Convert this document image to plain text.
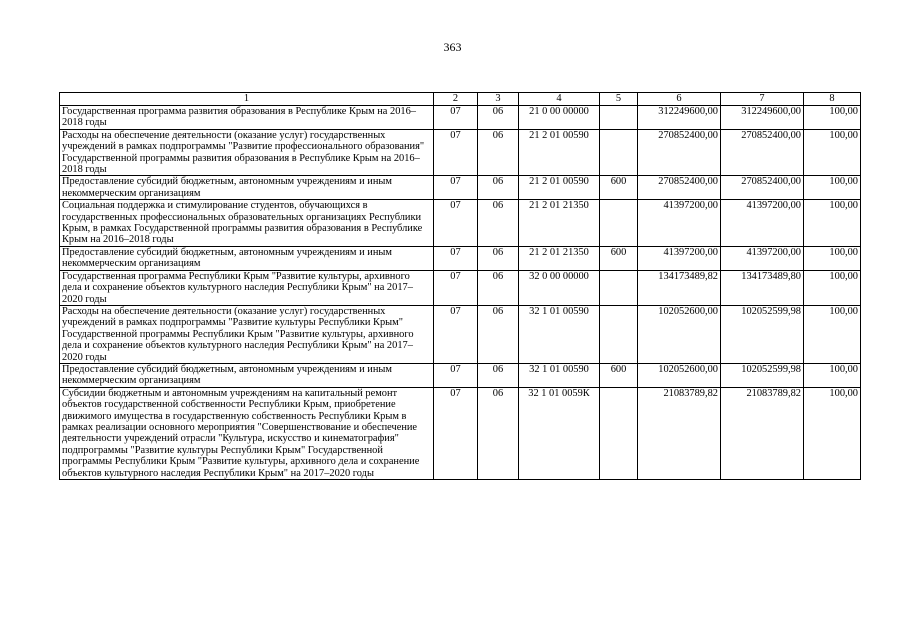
363
1	2	3	4	5	6	7	8
Государственная программа развития образования в Республике Крым на 2016–2018 годы	07	06	21 0 00 00000		312249600,00	312249600,00	100,00
Расходы на обеспечение деятельности (оказание услуг) государственных учреждений в рамках подпрограммы "Развитие профессионального образования" Государственной программы развития образования в Республике Крым на 2016–2018 годы	07	06	21 2 01 00590		270852400,00	270852400,00	100,00
Предоставление субсидий бюджетным, автономным учреждениям и иным некоммерческим организациям	07	06	21 2 01 00590	600	270852400,00	270852400,00	100,00
Социальная поддержка и стимулирование студентов, обучающихся в государственных профессиональных образовательных организациях Республики Крым, в рамках Государственной программы развития образования в Республике Крым на 2016–2018 годы	07	06	21 2 01 21350		41397200,00	41397200,00	100,00
Предоставление субсидий бюджетным, автономным учреждениям и иным некоммерческим организациям	07	06	21 2 01 21350	600	41397200,00	41397200,00	100,00
Государственная программа Республики Крым "Развитие культуры, архивного дела и сохранение объектов культурного наследия Республики Крым" на 2017–2020 годы	07	06	32 0 00 00000		134173489,82	134173489,80	100,00
Расходы на обеспечение деятельности (оказание услуг) государственных учреждений в рамках подпрограммы "Развитие культуры Республики Крым" Государственной программы Республики Крым "Развитие культуры, архивного дела и сохранение объектов культурного наследия Республики Крым" на 2017–2020 годы	07	06	32 1 01 00590		102052600,00	102052599,98	100,00
Предоставление субсидий бюджетным, автономным учреждениям и иным некоммерческим организациям	07	06	32 1 01 00590	600	102052600,00	102052599,98	100,00
Субсидии бюджетным и автономным учреждениям на капитальный ремонт объектов государственной собственности Республики Крым, приобретение движимого имущества в государственную собственность Республики Крым в рамках реализации основного мероприятия "Совершенствование и обеспечение деятельности учреждений отрасли "Культура, искусство и кинематография" подпрограммы "Развитие культуры Республики Крым" Государственной программы Республики Крым "Развитие культуры, архивного дела и сохранение объектов культурного наследия Республики Крым" на 2017–2020 годы	07	06	32 1 01 0059К		21083789,82	21083789,82	100,00
